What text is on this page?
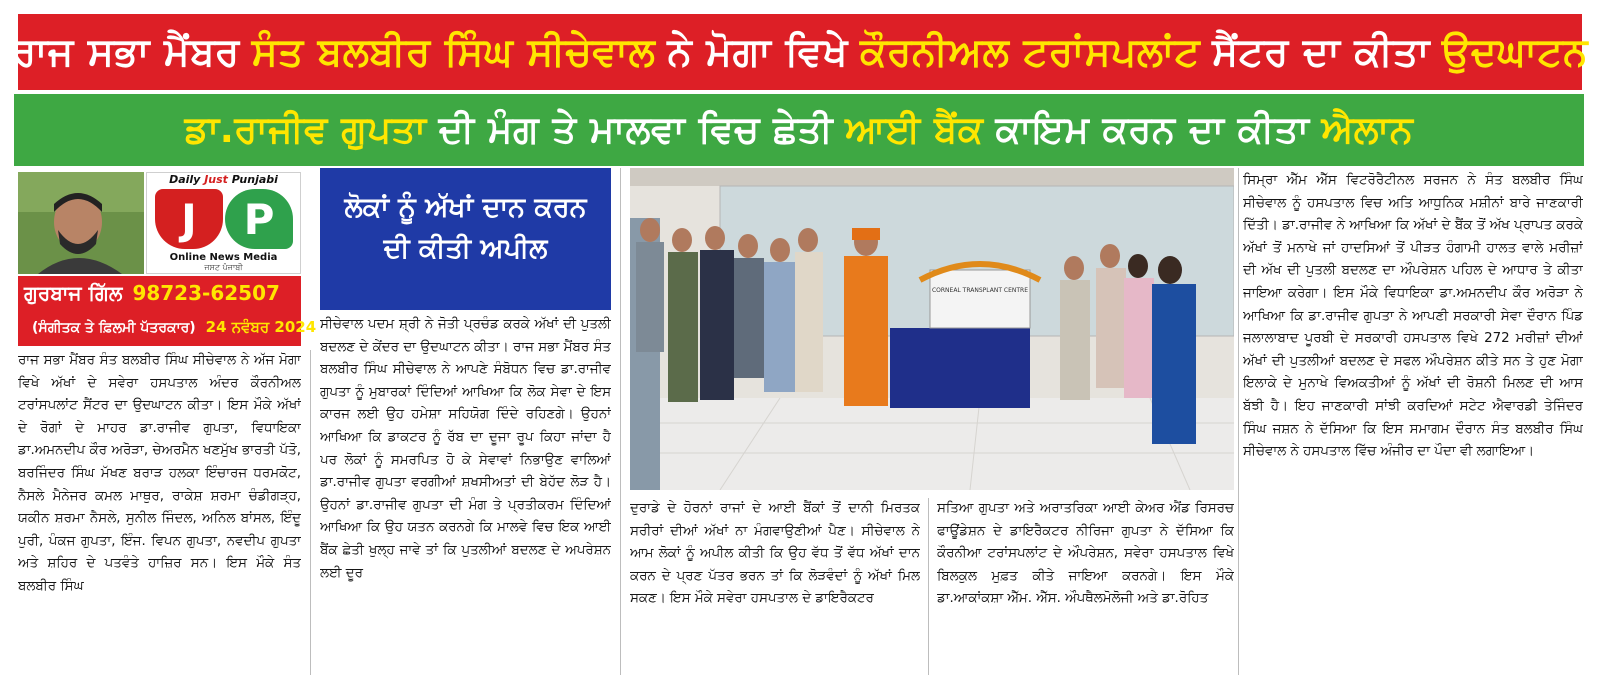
ਰਾਜ ਸਭਾ ਮੈਂਬਰ ਸੰਤ ਬਲਬੀਰ ਸਿੰਘ ਸੀਚੇਵਾਲ ਨੇ ਮੋਗਾ ਵਿਖੇ ਕੌਰਨੀਅਲ ਟਰਾਂਸਪਲਾਂਟ ਸੈਂਟਰ ਦਾ ਕੀਤਾ ਉਦਘਾਟਨ
ਡਾ.ਰਾਜੀਵ ਗੁਪਤਾ ਦੀ ਮੰਗ ਤੇ ਮਾਲਵਾ ਵਿਚ ਛੇਤੀ ਆਈ ਬੈਂਕ ਕਾਇਮ ਕਰਨ ਦਾ ਕੀਤਾ ਐਲਾਨ
Daily Just Punjabi
J	P
Online News Media
ਜਸਟ ਪੰਜਾਬੀ
ਗੁਰਬਾਜ ਗਿੱਲ 98723-62507
(ਸੰਗੀਤਕ ਤੇ ਫ਼ਿਲਮੀ ਪੱਤਰਕਾਰ) 24 ਨਵੰਬਰ 2024
ਲੋਕਾਂ ਨੂੰ ਅੱਖਾਂ ਦਾਨ ਕਰਨ
ਦੀ ਕੀਤੀ ਅਪੀਲ
CORNEAL TRANSPLANT CENTRE

ਰਾਜ ਸਭਾ ਮੈਂਬਰ ਸੰਤ ਬਲਬੀਰ ਸਿੰਘ ਸੀਚੇਵਾਲ ਨੇ ਅੱਜ ਮੋਗਾ ਵਿਖੇ ਅੱਖਾਂ ਦੇ ਸਵੇਰਾ ਹਸਪਤਾਲ ਅੰਦਰ ਕੌਰਨੀਅਲ ਟਰਾਂਸਪਲਾਂਟ ਸੈਂਟਰ ਦਾ ਉਦਘਾਟਨ ਕੀਤਾ। ਇਸ ਮੌਕੇ ਅੱਖਾਂ ਦੇ ਰੋਗਾਂ ਦੇ ਮਾਹਰ ਡਾ.ਰਾਜੀਵ ਗੁਪਤਾ, ਵਿਧਾਇਕਾ ਡਾ.ਅਮਨਦੀਪ ਕੌਰ ਅਰੋੜਾ, ਚੇਅਰਮੈਨ ਖਣਮੁੱਖ ਭਾਰਤੀ ਪੱਤੋ, ਬਰਜਿੰਦਰ ਸਿੰਘ ਮੱਖਣ ਬਰਾੜ ਹਲਕਾ ਇੰਚਾਰਜ ਧਰਮਕੋਟ, ਨੈਸਲੇ ਮੈਨੇਜਰ ਕਮਲ ਮਾਥੁਰ, ਰਾਕੇਸ਼ ਸ਼ਰਮਾ ਚੰਡੀਗੜ੍ਹ, ਯਕੀਨ ਸ਼ਰਮਾ ਨੈਸਲੇ, ਸੁਨੀਲ ਜਿੰਦਲ, ਅਨਿਲ ਬਾਂਸਲ, ਇੰਦੂ ਪੁਰੀ, ਪੰਕਜ ਗੁਪਤਾ, ਇੰਜ. ਵਿਪਨ ਗੁਪਤਾ, ਨਵਦੀਪ ਗੁਪਤਾ ਅਤੇ ਸ਼ਹਿਰ ਦੇ ਪਤਵੰਤੇ ਹਾਜ਼ਿਰ ਸਨ। ਇਸ ਮੌਕੇ ਸੰਤ ਬਲਬੀਰ ਸਿੰਘ

ਸੀਚੇਵਾਲ ਪਦਮ ਸ਼੍ਰੀ ਨੇ ਜੋਤੀ ਪ੍ਰਚੰਡ ਕਰਕੇ ਅੱਖਾਂ ਦੀ ਪੁਤਲੀ ਬਦਲਣ ਦੇ ਕੇਂਦਰ ਦਾ ਉਦਘਾਟਨ ਕੀਤਾ। ਰਾਜ ਸਭਾ ਮੈਂਬਰ ਸੰਤ ਬਲਬੀਰ ਸਿੰਘ ਸੀਚੇਵਾਲ ਨੇ ਆਪਣੇ ਸੰਬੋਧਨ ਵਿਚ ਡਾ.ਰਾਜੀਵ ਗੁਪਤਾ ਨੂੰ ਮੁਬਾਰਕਾਂ ਦਿੰਦਿਆਂ ਆਖਿਆ ਕਿ ਲੋਕ ਸੇਵਾ ਦੇ ਇਸ ਕਾਰਜ ਲਈ ਉਹ ਹਮੇਸ਼ਾ ਸਹਿਯੋਗ ਦਿੰਦੇ ਰਹਿਣਗੇ। ਉਹਨਾਂ ਆਖਿਆ ਕਿ ਡਾਕਟਰ ਨੂੰ ਰੱਬ ਦਾ ਦੂਜਾ ਰੂਪ ਕਿਹਾ ਜਾਂਦਾ ਹੈ ਪਰ ਲੋਕਾਂ ਨੂੰ ਸਮਰਪਿਤ ਹੋ ਕੇ ਸੇਵਾਵਾਂ ਨਿਭਾਉਣ ਵਾਲਿਆਂ ਡਾ.ਰਾਜੀਵ ਗੁਪਤਾ ਵਰਗੀਆਂ ਸ਼ਖਸੀਅਤਾਂ ਦੀ ਬੇਹੱਦ ਲੋੜ ਹੈ। ਉਹਨਾਂ ਡਾ.ਰਾਜੀਵ ਗੁਪਤਾ ਦੀ ਮੰਗ ਤੇ ਪ੍ਰਤੀਕਰਮ ਦਿੰਦਿਆਂ ਆਖਿਆ ਕਿ ਉਹ ਯਤਨ ਕਰਨਗੇ ਕਿ ਮਾਲਵੇ ਵਿਚ ਇਕ ਆਈ ਬੈਂਕ ਛੇਤੀ ਖੁਲ੍ਹ ਜਾਵੇ ਤਾਂ ਕਿ ਪੁਤਲੀਆਂ ਬਦਲਣ ਦੇ ਅਪਰੇਸ਼ਨ ਲਈ ਦੂਰ

ਦੁਰਾਡੇ ਦੇ ਹੋਰਨਾਂ ਰਾਜਾਂ ਦੇ ਆਈ ਬੈਂਕਾਂ ਤੋਂ ਦਾਨੀ ਮਿਰਤਕ ਸਰੀਰਾਂ ਦੀਆਂ ਅੱਖਾਂ ਨਾ ਮੰਗਵਾਉਣੀਆਂ ਪੈਣ। ਸੀਚੇਵਾਲ ਨੇ ਆਮ ਲੋਕਾਂ ਨੂੰ ਅਪੀਲ ਕੀਤੀ ਕਿ ਉਹ ਵੱਧ ਤੋਂ ਵੱਧ ਅੱਖਾਂ ਦਾਨ ਕਰਨ ਦੇ ਪ੍ਰਣ ਪੱਤਰ ਭਰਨ ਤਾਂ ਕਿ ਲੋੜਵੰਦਾਂ ਨੂੰ ਅੱਖਾਂ ਮਿਲ ਸਕਣ। ਇਸ ਮੌਕੇ ਸਵੇਰਾ ਹਸਪਤਾਲ ਦੇ ਡਾਇਰੈਕਟਰ

ਸਤਿਆ ਗੁਪਤਾ ਅਤੇ ਅਰਾਤਰਿਕਾ ਆਈ ਕੇਅਰ ਐਂਡ ਰਿਸਰਚ ਫਾਊਂਡੇਸ਼ਨ ਦੇ ਡਾਇਰੈਕਟਰ ਨੀਰਿਜਾ ਗੁਪਤਾ ਨੇ ਦੱਸਿਆ ਕਿ ਕੌਰਨੀਆ ਟਰਾਂਸਪਲਾਂਟ ਦੇ ਔਪਰੇਸ਼ਨ, ਸਵੇਰਾ ਹਸਪਤਾਲ ਵਿਖੇ ਬਿਲਕੁਲ ਮੁਫ਼ਤ ਕੀਤੇ ਜਾਇਆ ਕਰਨਗੇ। ਇਸ ਮੌਕੇ ਡਾ.ਆਕਾਂਕਸ਼ਾ ਐੱਮ. ਐੱਸ. ਔਪਥੈਲਮੋਲੋਜੀ ਅਤੇ ਡਾ.ਰੋਹਿਤ

ਸਿਮ੍ਰਾ ਐੱਮ ਐੱਸ ਵਿਟਰੋਰੈਟੀਨਲ ਸਰਜਨ ਨੇ ਸੰਤ ਬਲਬੀਰ ਸਿੰਘ ਸੀਚੇਵਾਲ ਨੂੰ ਹਸਪਤਾਲ ਵਿਚ ਅਤਿ ਆਧੁਨਿਕ ਮਸ਼ੀਨਾਂ ਬਾਰੇ ਜਾਣਕਾਰੀ ਦਿੱਤੀ। ਡਾ.ਰਾਜੀਵ ਨੇ ਆਖਿਆ ਕਿ ਅੱਖਾਂ ਦੇ ਬੈਂਕ ਤੋਂ ਅੱਖ ਪ੍ਰਾਪਤ ਕਰਕੇ ਅੱਖਾਂ ਤੋਂ ਮਨਾਖੇ ਜਾਂ ਹਾਦਸਿਆਂ ਤੋਂ ਪੀੜਤ ਹੰਗਾਮੀ ਹਾਲਤ ਵਾਲੇ ਮਰੀਜ਼ਾਂ ਦੀ ਅੱਖ ਦੀ ਪੁਤਲੀ ਬਦਲਣ ਦਾ ਔਪਰੇਸ਼ਨ ਪਹਿਲ ਦੇ ਆਧਾਰ ਤੇ ਕੀਤਾ ਜਾਇਆ ਕਰੇਗਾ। ਇਸ ਮੌਕੇ ਵਿਧਾਇਕਾ ਡਾ.ਅਮਨਦੀਪ ਕੌਰ ਅਰੋੜਾ ਨੇ ਆਖਿਆ ਕਿ ਡਾ.ਰਾਜੀਵ ਗੁਪਤਾ ਨੇ ਆਪਣੀ ਸਰਕਾਰੀ ਸੇਵਾ ਦੌਰਾਨ ਪਿੰਡ ਜਲਾਲਾਬਾਦ ਪੂਰਬੀ ਦੇ ਸਰਕਾਰੀ ਹਸਪਤਾਲ ਵਿਖੇ 272 ਮਰੀਜ਼ਾਂ ਦੀਆਂ ਅੱਖਾਂ ਦੀ ਪੁਤਲੀਆਂ ਬਦਲਣ ਦੇ ਸਫਲ ਔਪਰੇਸ਼ਨ ਕੀਤੇ ਸਨ ਤੇ ਹੁਣ ਮੋਗਾ ਇਲਾਕੇ ਦੇ ਮੁਨਾਖੇ ਵਿਅਕਤੀਆਂ ਨੂੰ ਅੱਖਾਂ ਦੀ ਰੋਸ਼ਨੀ ਮਿਲਣ ਦੀ ਆਸ ਬੱਝੀ ਹੈ। ਇਹ ਜਾਣਕਾਰੀ ਸਾਂਝੀ ਕਰਦਿਆਂ ਸਟੇਟ ਐਵਾਰਡੀ ਤੇਜਿੰਦਰ ਸਿੰਘ ਜਸ਼ਨ ਨੇ ਦੱਸਿਆ ਕਿ ਇਸ ਸਮਾਗਮ ਦੌਰਾਨ ਸੰਤ ਬਲਬੀਰ ਸਿੰਘ ਸੀਚੇਵਾਲ ਨੇ ਹਸਪਤਾਲ ਵਿੱਚ ਅੰਜੀਰ ਦਾ ਪੌਦਾ ਵੀ ਲਗਾਇਆ।
